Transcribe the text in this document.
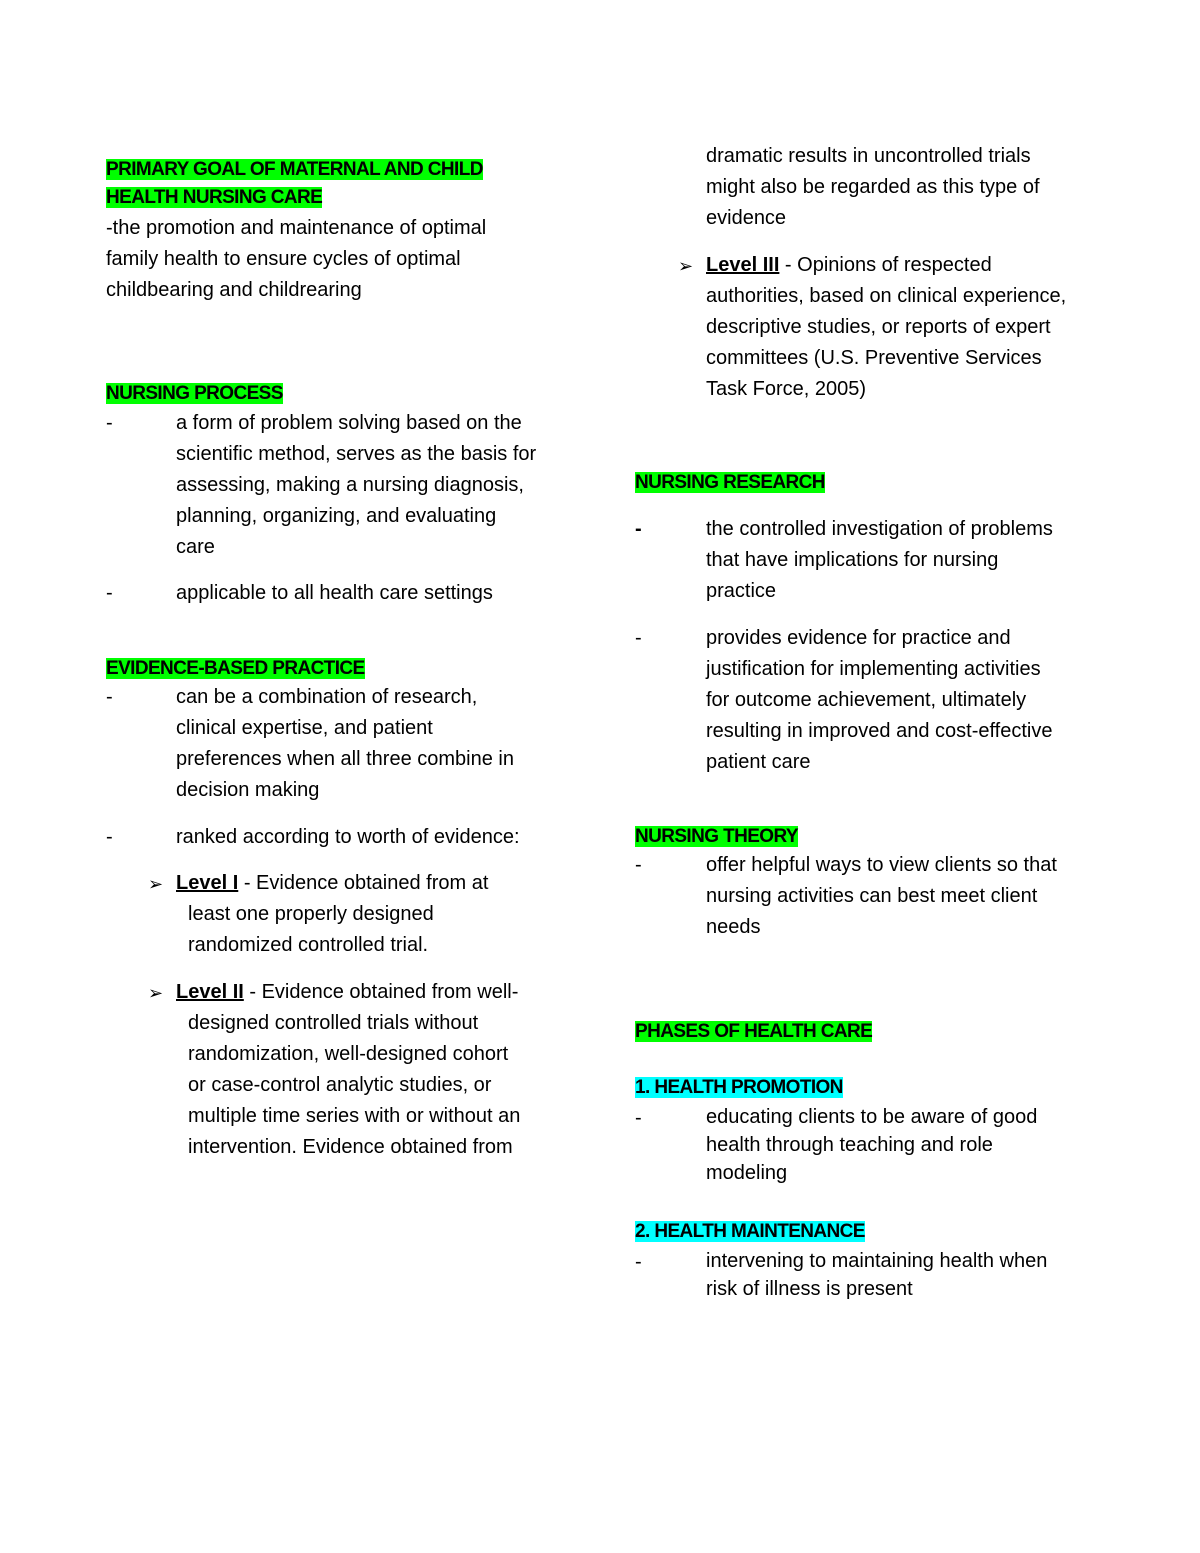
PRIMARY GOAL OF MATERNAL AND CHILD
HEALTH NURSING CARE
-the promotion and maintenance of optimal
family health to ensure cycles of optimal
childbearing and childrearing
NURSING PROCESS
-	a form of problem solving based on the
scientific method, serves as the basis for
assessing, making a nursing diagnosis,
planning, organizing, and evaluating
care
-	applicable to all health care settings
EVIDENCE-BASED PRACTICE
-	can be a combination of research,
clinical expertise, and patient
preferences when all three combine in
decision making
-	ranked according to worth of evidence:
➢ Level I - Evidence obtained from at
least one properly designed
randomized controlled trial.
➢ Level II - Evidence obtained from well-
designed controlled trials without
randomization, well-designed cohort
or case-control analytic studies, or
multiple time series with or without an
intervention. Evidence obtained from
dramatic results in uncontrolled trials
might also be regarded as this type of
evidence
➢ Level III - Opinions of respected
authorities, based on clinical experience,
descriptive studies, or reports of expert
committees (U.S. Preventive Services
Task Force, 2005)
NURSING RESEARCH
-	the controlled investigation of problems
that have implications for nursing
practice
-	provides evidence for practice and
justification for implementing activities
for outcome achievement, ultimately
resulting in improved and cost-effective
patient care
NURSING THEORY
-	offer helpful ways to view clients so that
nursing activities can best meet client
needs
PHASES OF HEALTH CARE
1. HEALTH PROMOTION
-	educating clients to be aware of good
health through teaching and role
modeling
2. HEALTH MAINTENANCE
-	intervening to maintaining health when
risk of illness is present
